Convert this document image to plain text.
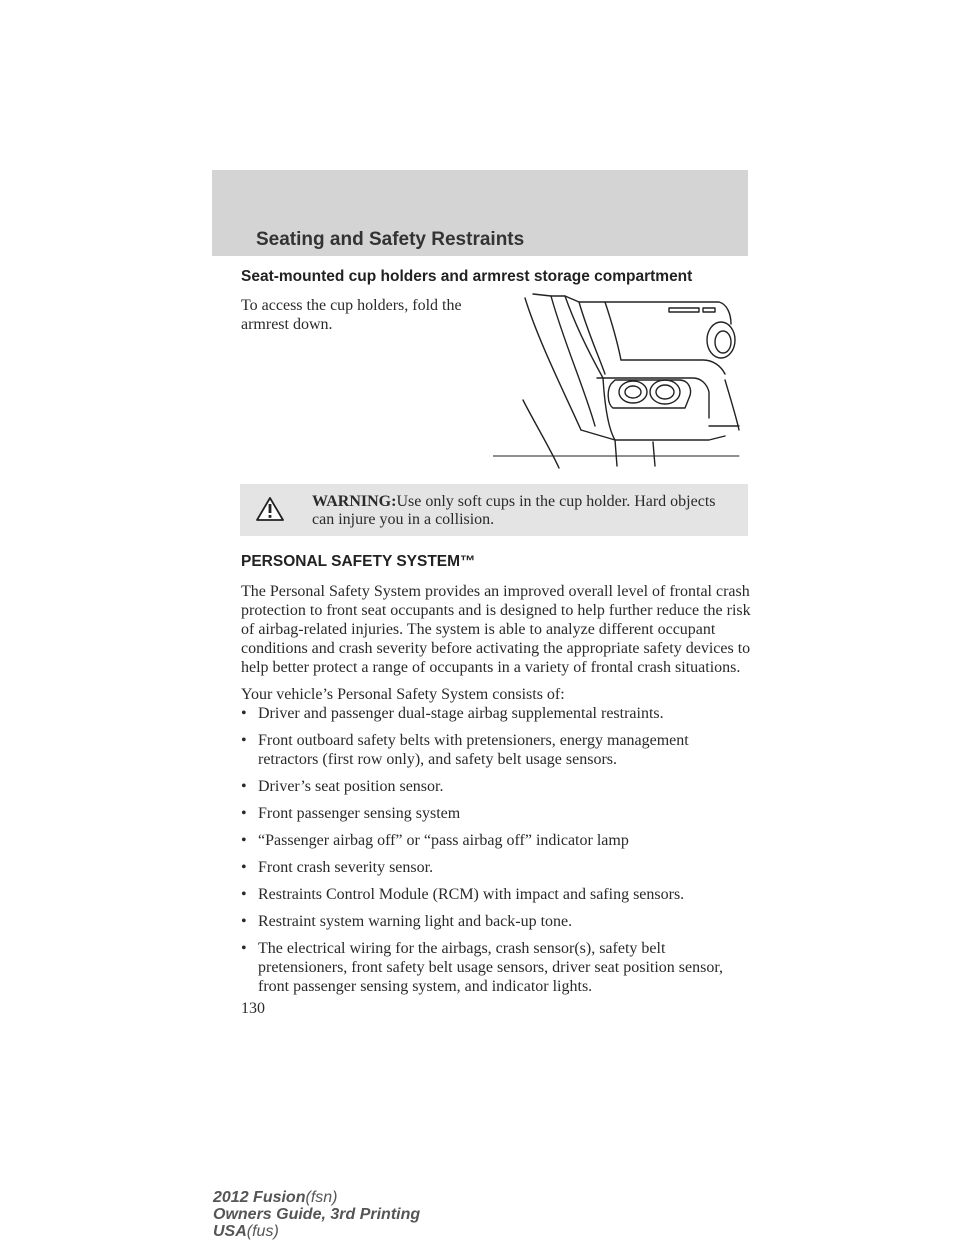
Seating and Safety Restraints
Seat-mounted cup holders and armrest storage compartment
To access the cup holders, fold the
armrest down.
WARNING:Use only soft cups in the cup holder. Hard objects can injure you in a collision.
PERSONAL SAFETY SYSTEM™
The Personal Safety System provides an improved overall level of frontal crash protection to front seat occupants and is designed to help further reduce the risk of airbag-related injuries. The system is able to analyze different occupant conditions and crash severity before activating the appropriate safety devices to help better protect a range of occupants in a variety of frontal crash situations.
Your vehicle’s Personal Safety System consists of:
• Driver and passenger dual-stage airbag supplemental restraints.
• Front outboard safety belts with pretensioners, energy management retractors (first row only), and safety belt usage sensors.
• Driver’s seat position sensor.
• Front passenger sensing system
• “Passenger airbag off” or “pass airbag off” indicator lamp
• Front crash severity sensor.
• Restraints Control Module (RCM) with impact and safing sensors.
• Restraint system warning light and back-up tone.
• The electrical wiring for the airbags, crash sensor(s), safety belt pretensioners, front safety belt usage sensors, driver seat position sensor, front passenger sensing system, and indicator lights.
130
2012 Fusion(fsn)
Owners Guide, 3rd Printing
USA(fus)
